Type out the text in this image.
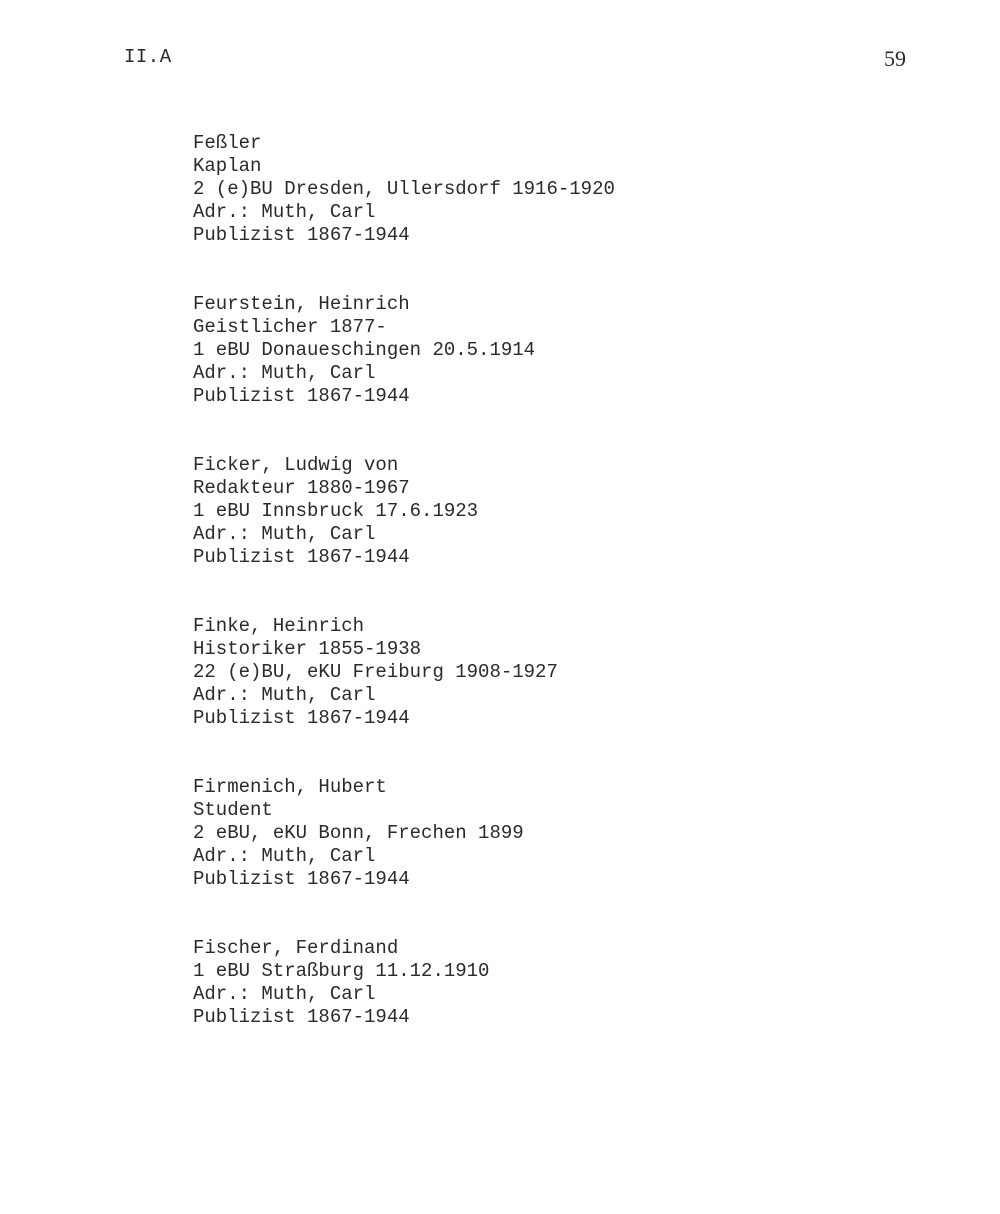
II.A	59
Feßler
Kaplan
2 (e)BU Dresden, Ullersdorf 1916-1920
Adr.: Muth, Carl
Publizist 1867-1944
Feurstein, Heinrich
Geistlicher 1877-
1 eBU Donaueschingen 20.5.1914
Adr.: Muth, Carl
Publizist 1867-1944
Ficker, Ludwig von
Redakteur 1880-1967
1 eBU Innsbruck 17.6.1923
Adr.: Muth, Carl
Publizist 1867-1944
Finke, Heinrich
Historiker 1855-1938
22 (e)BU, eKU Freiburg 1908-1927
Adr.: Muth, Carl
Publizist 1867-1944
Firmenich, Hubert
Student
2 eBU, eKU Bonn, Frechen 1899
Adr.: Muth, Carl
Publizist 1867-1944
Fischer, Ferdinand
1 eBU Straßburg 11.12.1910
Adr.: Muth, Carl
Publizist 1867-1944
